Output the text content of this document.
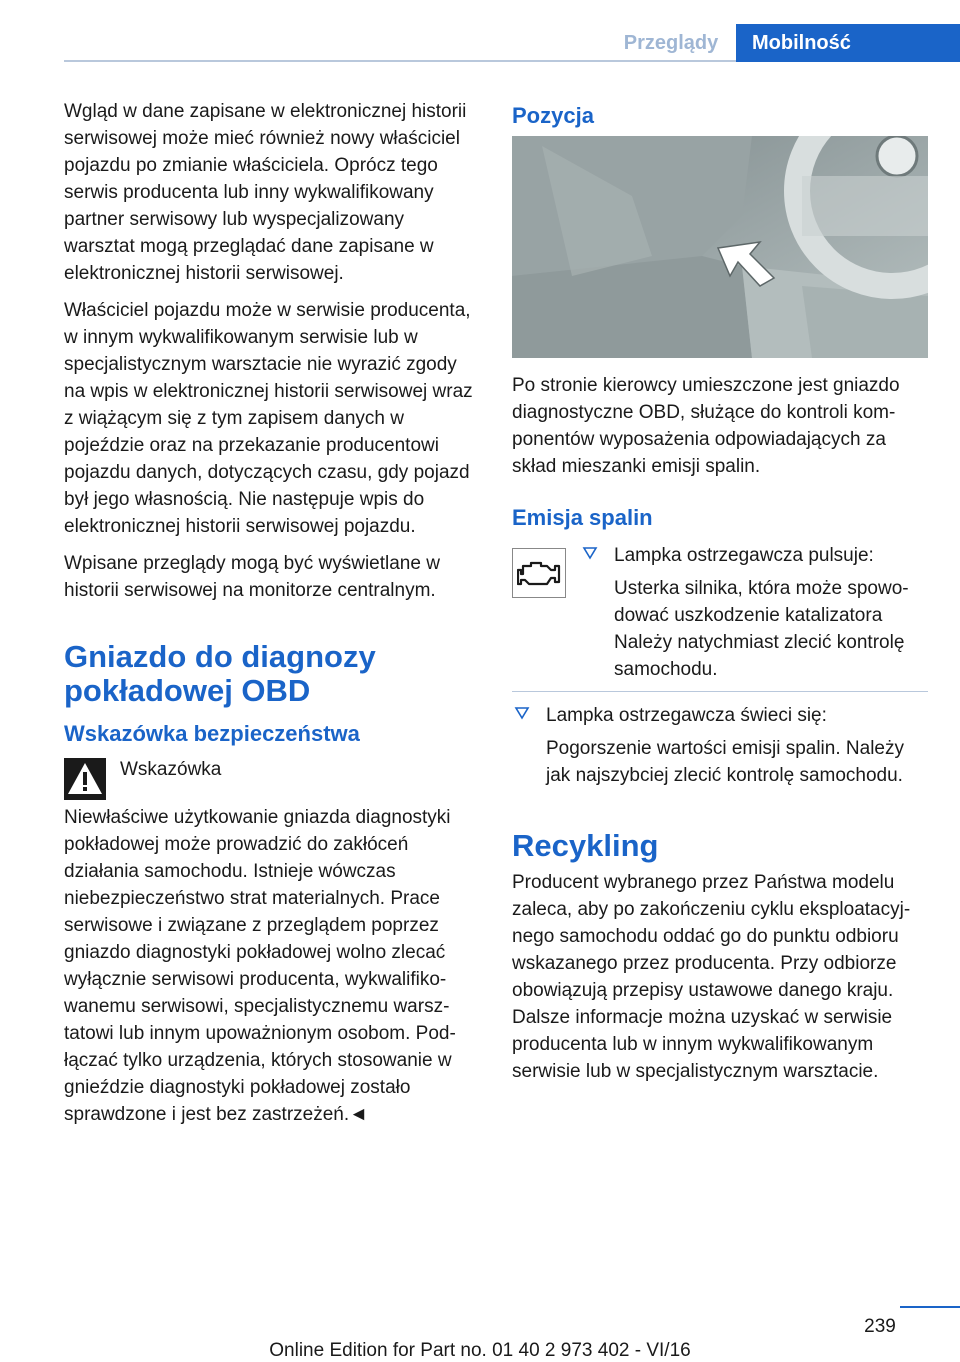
Przeglądy	Mobilność

Wgląd w dane zapisane w elektronicznej historii serwisowej może mieć również nowy właściciel pojazdu po zmianie właściciela. Oprócz tego serwis producenta lub inny wykwalifikowany partner serwisowy lub wyspecjalizowany warsztat mogą przeglądać dane zapisane w elektronicznej historii serwisowej.

Właściciel pojazdu może w serwisie producenta, w innym wykwalifikowanym serwisie lub w specjalistycznym warsztacie nie wyrazić zgody na wpis w elektronicznej historii serwisowej wraz z wiążącym się z tym zapisem danych w pojeździe oraz na przekazanie producentowi pojazdu danych, dotyczących czasu, gdy pojazd był jego własnością. Nie następuje wpis do elektronicznej historii serwisowej pojazdu.

Wpisane przeglądy mogą być wyświetlane w historii serwisowej na monitorze centralnym.

Gniazdo do diagnozy pokładowej OBD
Wskazówka bezpieczeństwa

Wskazówka

Niewłaściwe użytkowanie gniazda diagnostyki pokładowej może prowadzić do zakłóceń działania samochodu. Istnieje wówczas niebezpieczeństwo strat materialnych. Prace serwisowe i związane z przeglądem poprzez gniazdo diagnostyki pokładowej wolno zlecać wyłącznie serwisowi producenta, wykwalifikowanemu serwisowi, specjalistycznemu warsztatowi lub innym upoważnionym osobom. Podłączać tylko urządzenia, których stosowanie w gnieździe diagnostyki pokładowej zostało sprawdzone i jest bez zastrzeżeń.◄

Pozycja

Po stronie kierowcy umieszczone jest gniazdo diagnostyczne OBD, służące do kontroli komponentów wyposażenia odpowiadających za skład mieszanki emisji spalin.

Emisja spalin
Lampka ostrzegawcza pulsuje:
Usterka silnika, która może spowodować uszkodzenie katalizatora Należy natychmiast zlecić kontrolę samochodu.
Lampka ostrzegawcza świeci się:
Pogorszenie wartości emisji spalin. Należy jak najszybciej zlecić kontrolę samochodu.
Recykling

Producent wybranego przez Państwa modelu zaleca, aby po zakończeniu cyklu eksploatacyjnego samochodu oddać go do punktu odbioru wskazanego przez producenta. Przy odbiorze obowiązują przepisy ustawowe danego kraju. Dalsze informacje można uzyskać w serwisie producenta lub w innym wykwalifikowanym serwisie lub w specjalistycznym warsztacie.

239
Online Edition for Part no. 01 40 2 973 402 - VI/16
